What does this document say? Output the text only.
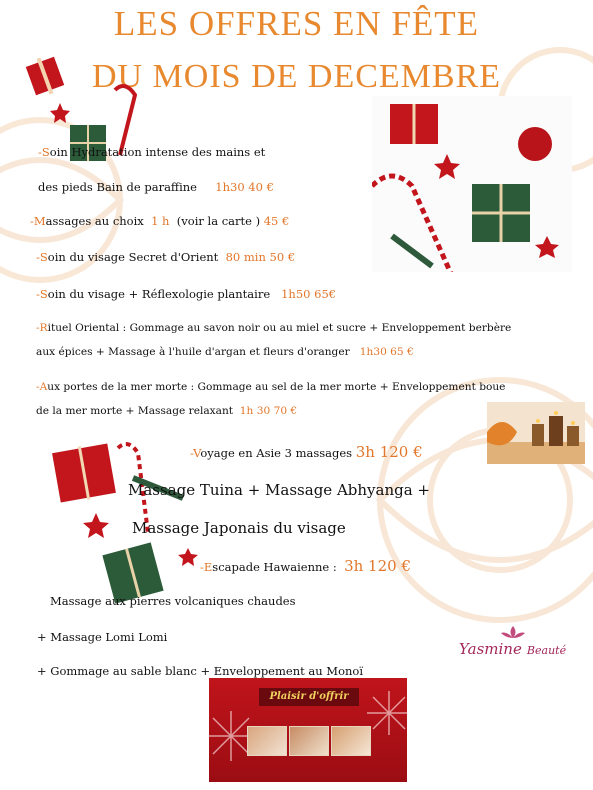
LES OFFRES EN FÊTE
DU MOIS DE DECEMBRE
-Soin Hydratation intense des mains et
des pieds Bain de paraffine 1h30 40 €
-Massages au choix 1 h (voir la carte ) 45 €
-Soin du visage Secret d'Orient 80 min 50 €
-Soin du visage + Réflexologie plantaire 1h50 65€
-Rituel Oriental : Gommage au savon noir ou au miel et sucre + Enveloppement berbère
aux épices + Massage à l'huile d'argan et fleurs d'oranger 1h30 65 €
-Aux portes de la mer morte : Gommage au sel de la mer morte + Enveloppement boue
de la mer morte + Massage relaxant 1h 30 70 €
-Voyage en Asie 3 massages 3h 120 €
Massage Tuina + Massage Abhyanga +
Massage Japonais du visage
-Escapade Hawaienne : 3h 120 €
Massage aux pierres volcaniques chaudes
+ Massage Lomi Lomi
+ Gommage au sable blanc + Enveloppement au Monoï
Yasmine Beauté
Plaisir d'offrir
